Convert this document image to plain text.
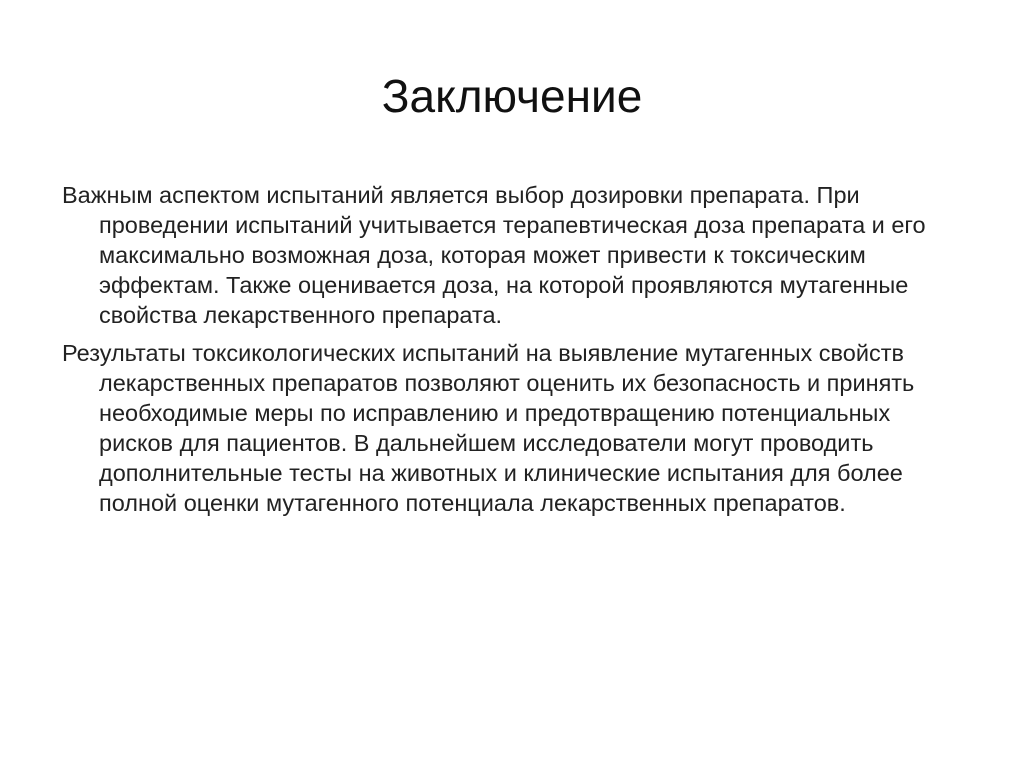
Заключение
Важным аспектом испытаний является выбор дозировки препарата. При проведении испытаний учитывается терапевтическая доза препарата и его максимально возможная доза, которая может привести к токсическим эффектам. Также оценивается доза, на которой проявляются мутагенные свойства лекарственного препарата.
Результаты токсикологических испытаний на выявление мутагенных свойств лекарственных препаратов позволяют оценить их безопасность и принять необходимые меры по исправлению и предотвращению потенциальных рисков для пациентов. В дальнейшем исследователи могут проводить дополнительные тесты на животных и клинические испытания для более полной оценки мутагенного потенциала лекарственных препаратов.
